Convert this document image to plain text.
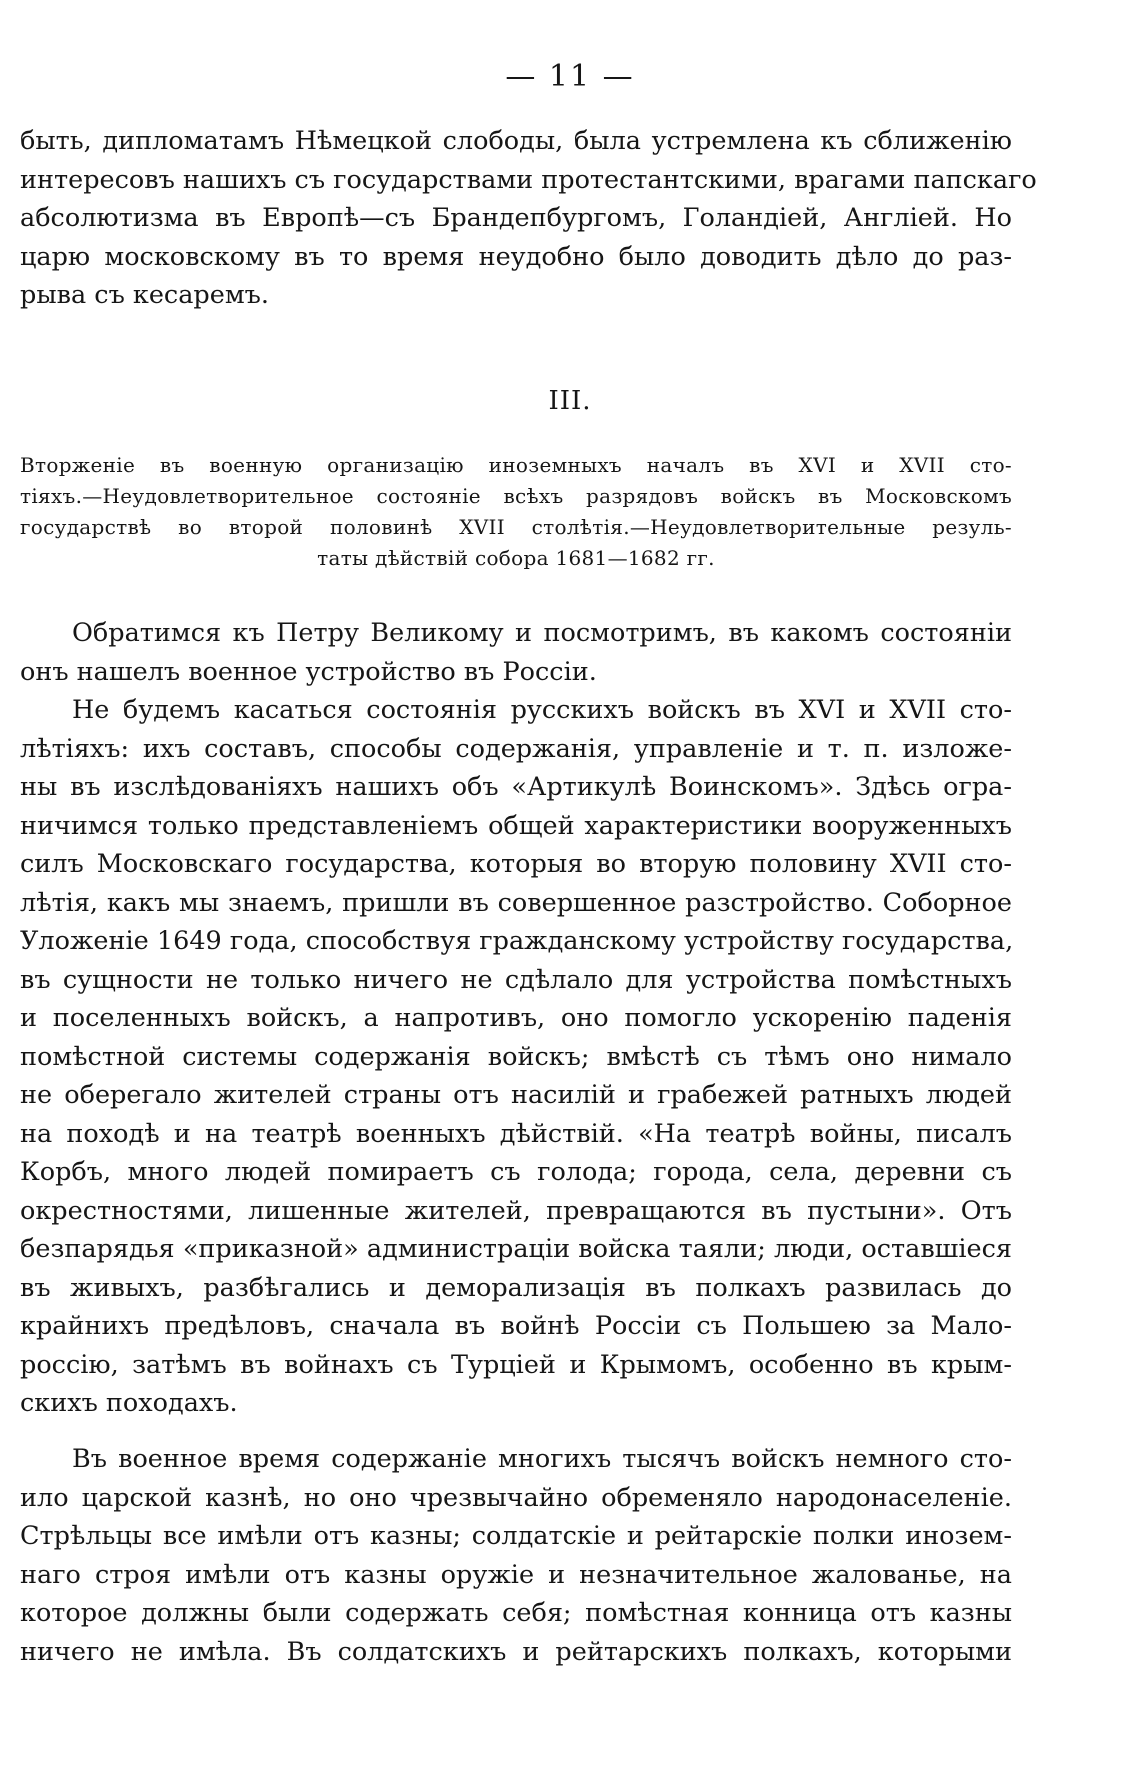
— 11 —
быть, дипломатамъ Нѣмецкой слободы, была устремлена къ сближенію
интересовъ нашихъ съ государствами протестантскими, врагами папскаго
абсолютизма въ Европѣ—съ Брандепбургомъ, Голандіей, Англіей. Но
царю московскому въ то время неудобно было доводить дѣло до раз-
рыва съ кесаремъ.
III.
Вторженіе въ военную организацію иноземныхъ началъ въ XVI и XVII сто-
тіяхъ.—Неудовлетворительное состояніе всѣхъ разрядовъ войскъ въ Московскомъ
государствѣ во второй половинѣ XVII столѣтія.—Неудовлетворительные резуль-
таты дѣйствій собора 1681—1682 гг.
Обратимся къ Петру Великому и посмотримъ, въ какомъ состояніи
онъ нашелъ военное устройство въ Россіи.
Не будемъ касаться состоянія русскихъ войскъ въ XVI и XVII сто-
лѣтіяхъ: ихъ составъ, способы содержанія, управленіе и т. п. изложе-
ны въ изслѣдованіяхъ нашихъ объ «Артикулѣ Воинскомъ». Здѣсь огра-
ничимся только представленіемъ общей характеристики вооруженныхъ
силъ Московскаго государства, которыя во вторую половину XVII сто-
лѣтія, какъ мы знаемъ, пришли въ совершенное разстройство. Соборное
Уложеніе 1649 года, способствуя гражданскому устройству государства,
въ сущности не только ничего не сдѣлало для устройства помѣстныхъ
и поселенныхъ войскъ, а напротивъ, оно помогло ускоренію паденія
помѣстной системы содержанія войскъ; вмѣстѣ съ тѣмъ оно нимало
не оберегало жителей страны отъ насилій и грабежей ратныхъ людей
на походѣ и на театрѣ военныхъ дѣйствій. «На театрѣ войны, писалъ
Корбъ, много людей помираетъ съ голода; города, села, деревни съ
окрестностями, лишенные жителей, превращаются въ пустыни». Отъ
безпарядья «приказной» администраціи войска таяли; люди, оставшіеся
въ живыхъ, разбѣгались и деморализація въ полкахъ развилась до
крайнихъ предѣловъ, сначала въ войнѣ Россіи съ Польшею за Мало-
россію, затѣмъ въ войнахъ съ Турціей и Крымомъ, особенно въ крым-
скихъ походахъ.
Въ военное время содержаніе многихъ тысячъ войскъ немного сто-
ило царской казнѣ, но оно чрезвычайно обременяло народонаселеніе.
Стрѣльцы все имѣли отъ казны; солдатскіе и рейтарскіе полки инозем-
наго строя имѣли отъ казны оружіе и незначительное жалованье, на
которое должны были содержать себя; помѣстная конница отъ казны
ничего не имѣла. Въ солдатскихъ и рейтарскихъ полкахъ, которыми
